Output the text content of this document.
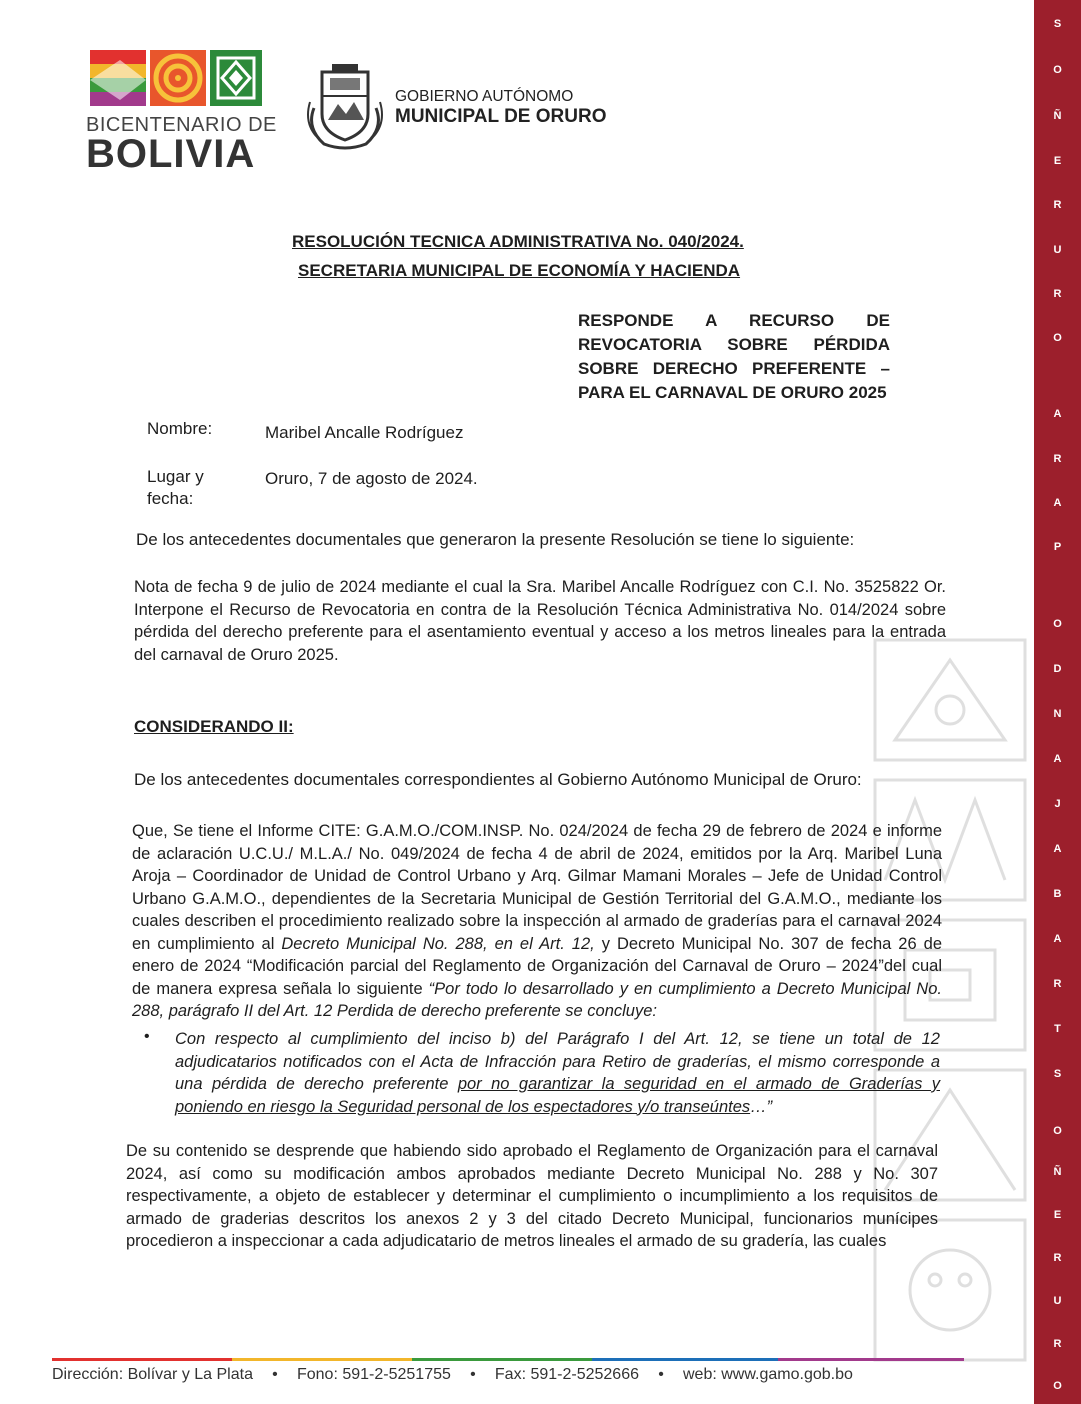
BICENTENARIO DE
BOLIVIA
GOBIERNO AUTÓNOMO
MUNICIPAL DE ORURO
S
O
Ñ
E
R
U
R
O
A
R
A
P
O
D
N
A
J
A
B
A
R
T
S
O
Ñ
E
R
U
R
O
RESOLUCIÓN TECNICA ADMINISTRATIVA No. 040/2024.
SECRETARIA MUNICIPAL DE ECONOMÍA Y HACIENDA
RESPONDE A RECURSO DE
REVOCATORIA SOBRE PÉRDIDA
SOBRE DERECHO PREFERENTE –
PARA EL CARNAVAL DE ORURO 2025
Nombre:	Maribel Ancalle Rodríguez
Lugar y fecha:
Oruro, 7 de agosto de 2024.
De los antecedentes documentales que generaron la presente Resolución se tiene lo siguiente:
Nota de fecha 9 de julio de 2024 mediante el cual la Sra. Maribel Ancalle Rodríguez con C.I. No. 3525822 Or. Interpone el Recurso de Revocatoria en contra de la Resolución Técnica Administrativa No. 014/2024 sobre pérdida del derecho preferente para el asentamiento eventual y acceso a los metros lineales para la entrada del carnaval de Oruro 2025.
CONSIDERANDO II:
De los antecedentes documentales correspondientes al Gobierno Autónomo Municipal de Oruro:
Que, Se tiene el Informe CITE: G.A.M.O./COM.INSP. No. 024/2024 de fecha 29 de febrero de 2024 e informe de aclaración U.C.U./ M.L.A./ No. 049/2024 de fecha 4 de abril de 2024, emitidos por la Arq. Maribel Luna Aroja – Coordinador de Unidad de Control Urbano y Arq. Gilmar Mamani Morales – Jefe de Unidad Control Urbano G.A.M.O., dependientes de la Secretaria Municipal de Gestión Territorial del G.A.M.O., mediante los cuales describen el procedimiento realizado sobre la inspección al armado de graderías para el carnaval 2024 en cumplimiento al Decreto Municipal No. 288, en el Art. 12, y Decreto Municipal No. 307 de fecha 26 de enero de 2024 “Modificación parcial del Reglamento de Organización del Carnaval de Oruro – 2024”del cual de manera expresa señala lo siguiente “Por todo lo desarrollado y en cumplimiento a Decreto Municipal No. 288, parágrafo II del Art. 12 Perdida de derecho preferente se concluye:
• Con respecto al cumplimiento del inciso b) del Parágrafo I del Art. 12, se tiene un total de 12 adjudicatarios notificados con el Acta de Infracción para Retiro de graderías, el mismo corresponde a una pérdida de derecho preferente por no garantizar la seguridad en el armado de Graderías y poniendo en riesgo la Seguridad personal de los espectadores y/o transeúntes…”
De su contenido se desprende que habiendo sido aprobado el Reglamento de Organización para el carnaval 2024, así como su modificación ambos aprobados mediante Decreto Municipal No. 288 y No. 307 respectivamente, a objeto de establecer y determinar el cumplimiento o incumplimiento a los requisitos de armado de graderias descritos los anexos 2 y 3 del citado Decreto Municipal, funcionarios munícipes procedieron a inspeccionar a cada adjudicatario de metros lineales el armado de su gradería, las cuales
Dirección: Bolívar y La Plata • Fono: 591-2-5251755 • Fax: 591-2-5252666 • web: www.gamo.gob.bo
